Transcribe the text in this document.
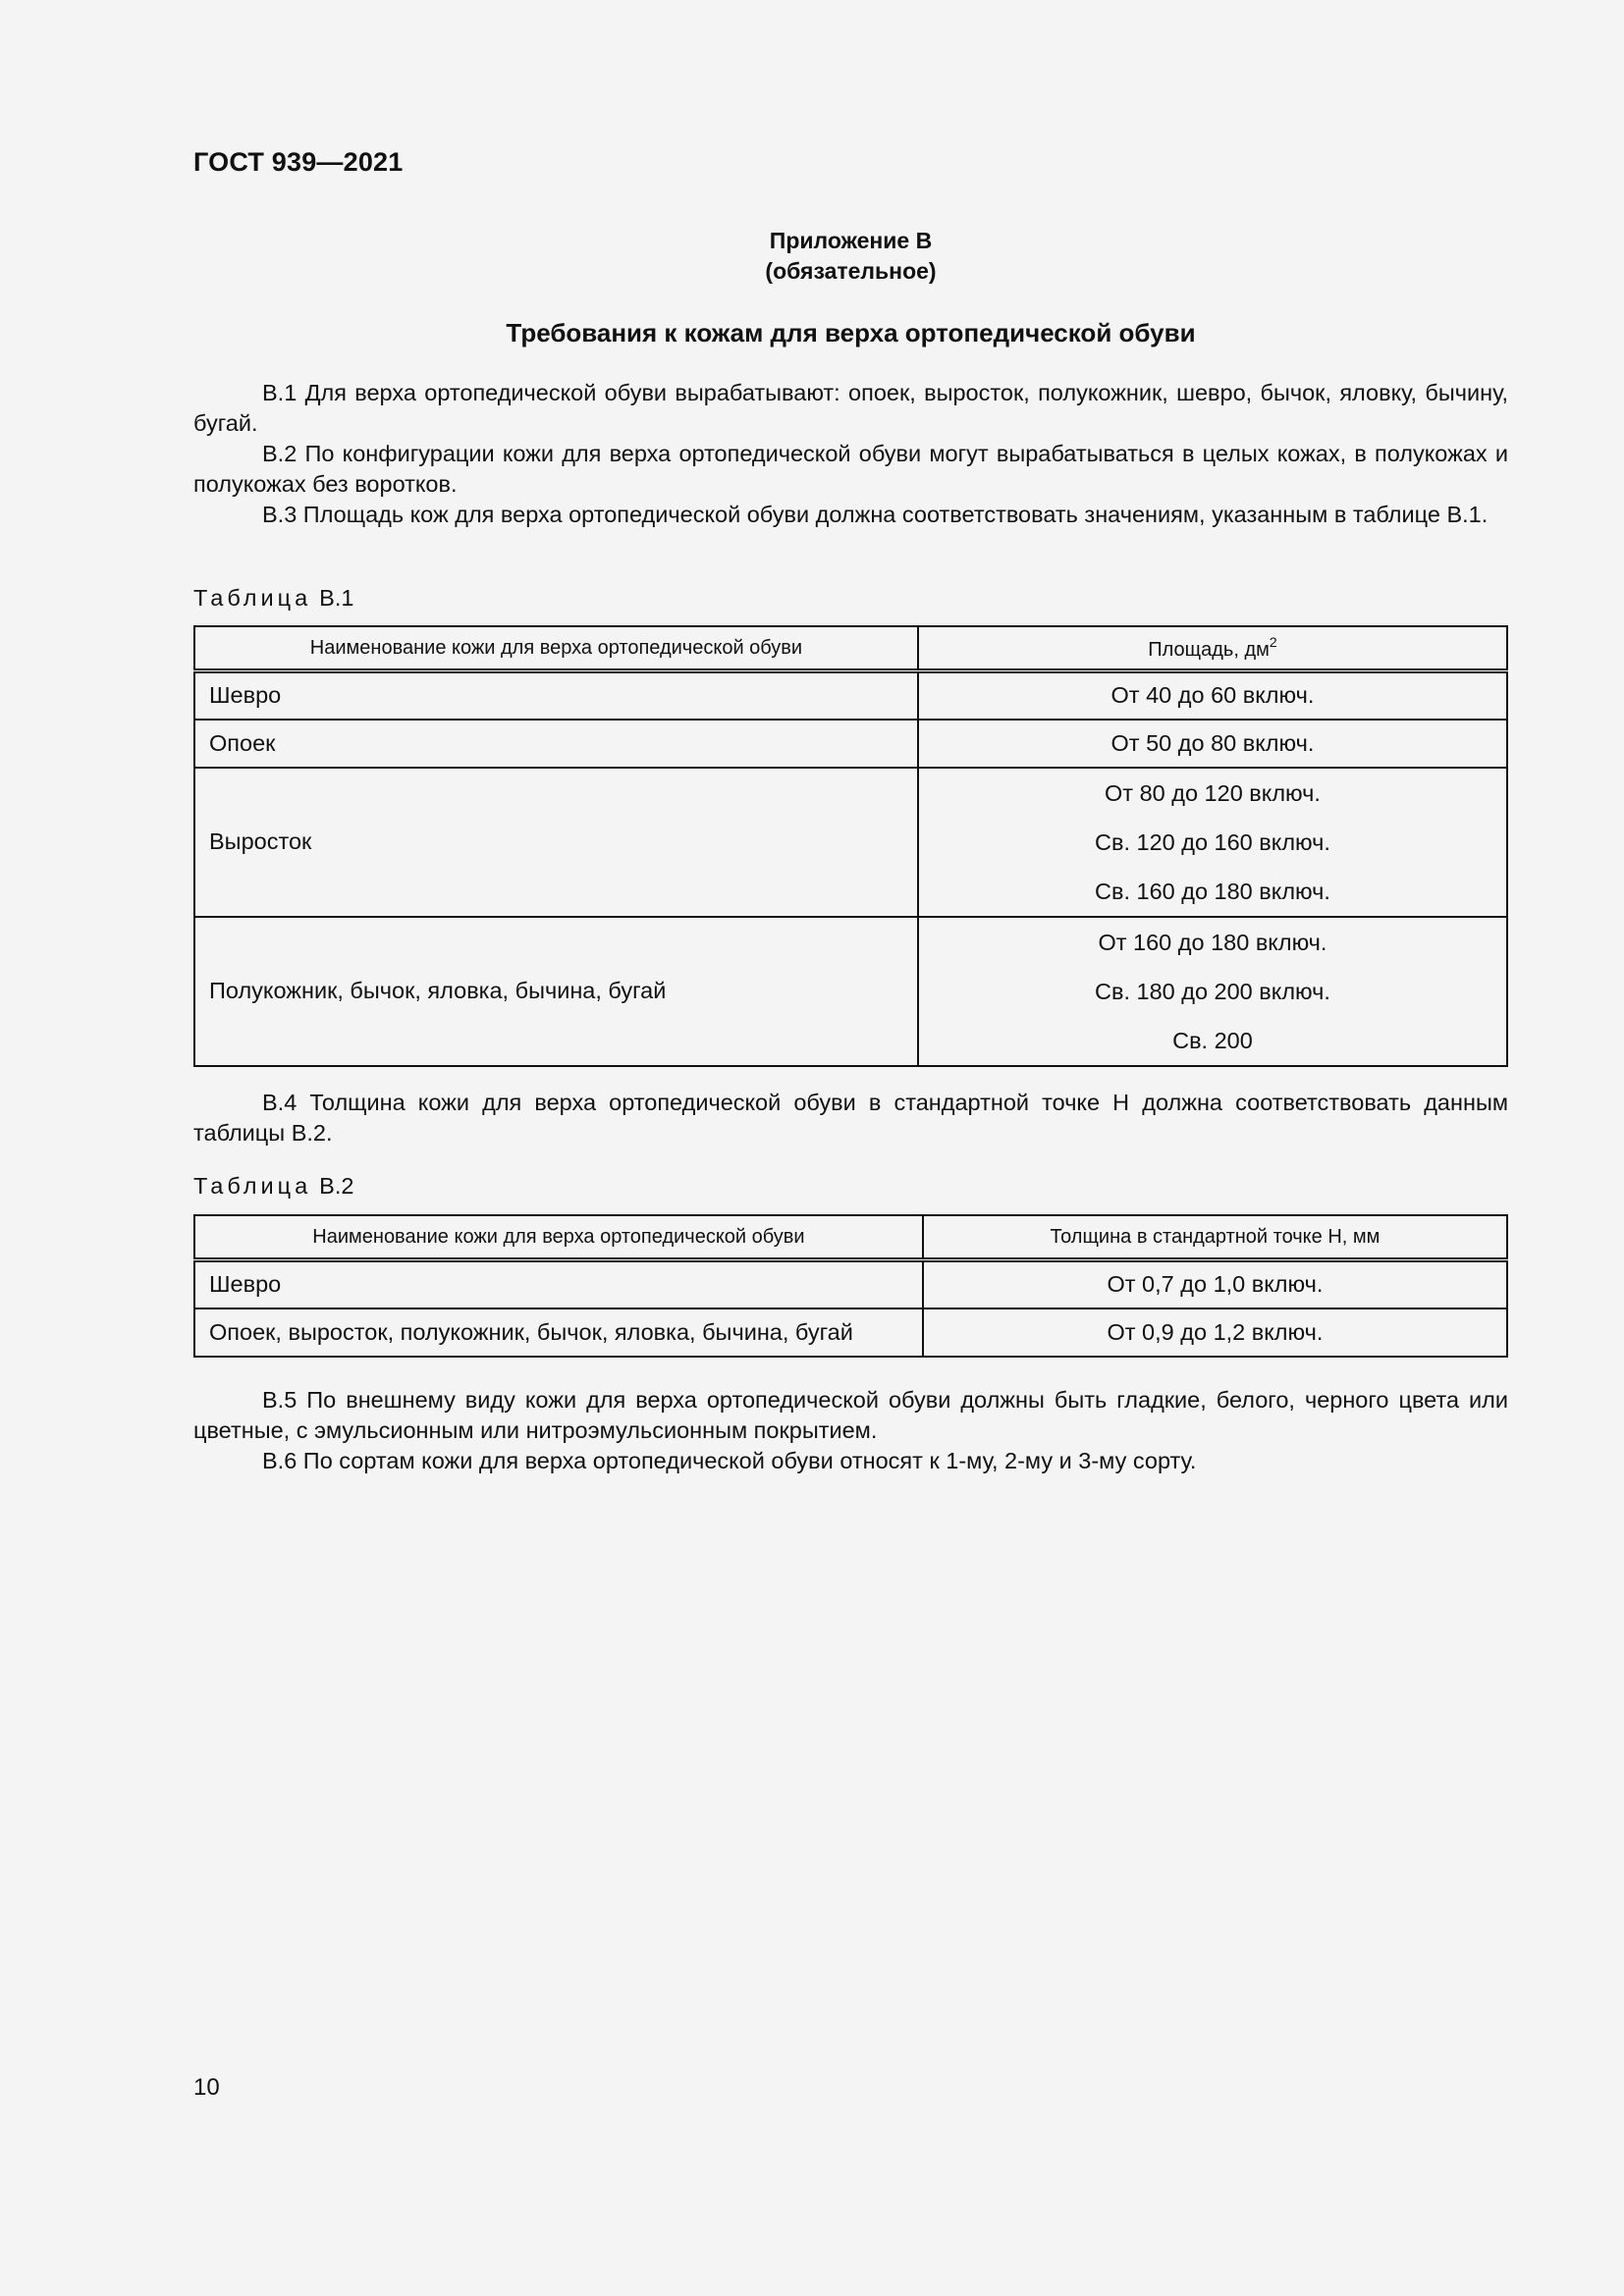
ГОСТ 939—2021
Приложение В
(обязательное)
Требования к кожам для верха ортопедической обуви

В.1 Для верха ортопедической обуви вырабатывают: опоек, выросток, полукожник, шевро, бычок, яловку, бычину, бугай.

В.2 По конфигурации кожи для верха ортопедической обуви могут вырабатываться в целых кожах, в полукожах и полукожах без воротков.

В.3 Площадь кож для верха ортопедической обуви должна соответствовать значениям, указанным в таблице В.1.

Таблица В.1
Наименование кожи для верха ортопедической обуви	Площадь, $дм^2$
Шевро	От 40 до 60 включ.
Опоек	От 50 до 80 включ.
Выросток	От 80 до 120 включ.
Св. 120 до 160 включ.
Св. 160 до 180 включ.

Полукожник, бычок, яловка, бычина, бугай	От 160 до 180 включ.
Св. 180 до 200 включ.
Св. 200

В.4 Толщина кожи для верха ортопедической обуви в стандартной точке Н должна соответствовать данным таблицы В.2.

Таблица В.2
Наименование кожи для верха ортопедической обуви	Толщина в стандартной точке Н, мм
Шевро	От 0,7 до 1,0 включ.
Опоек, выросток, полукожник, бычок, яловка, бычина, бугай	От 0,9 до 1,2 включ.

В.5 По внешнему виду кожи для верха ортопедической обуви должны быть гладкие, белого, черного цвета или цветные, с эмульсионным или нитроэмульсионным покрытием.

В.6 По сортам кожи для верха ортопедической обуви относят к 1-му, 2-му и 3-му сорту.

10
